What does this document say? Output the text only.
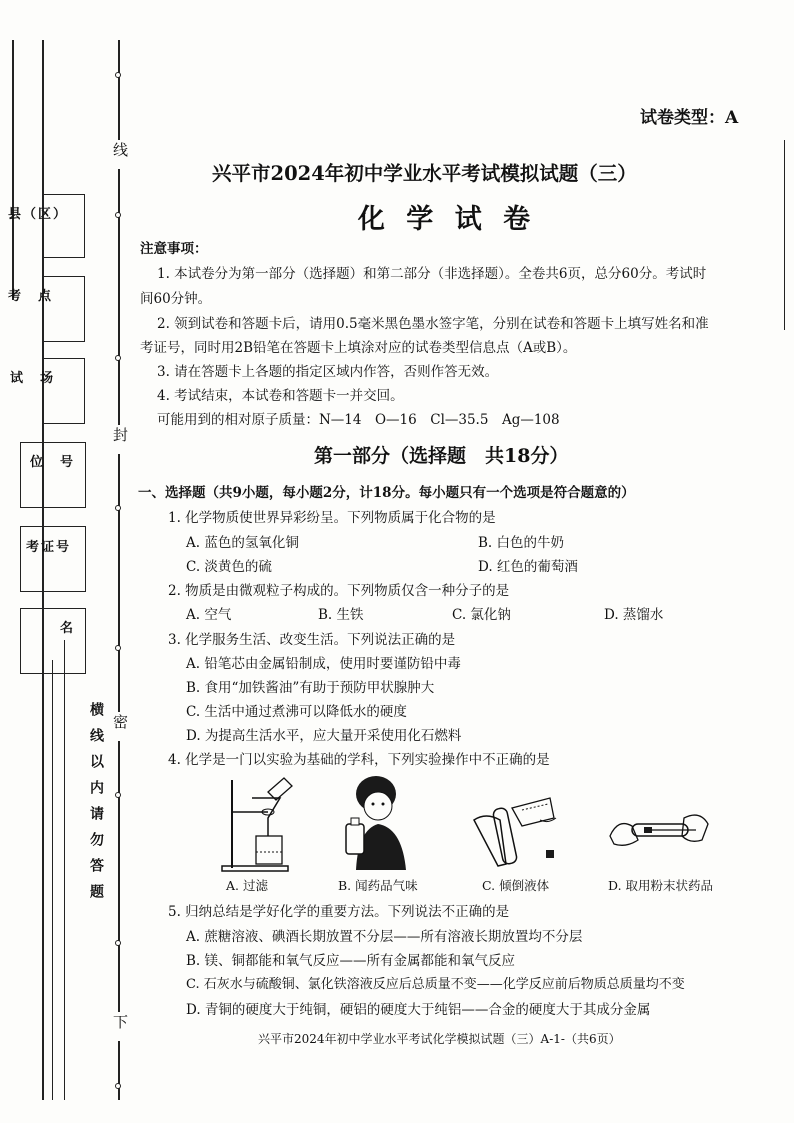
线
封
密
下
横线以内请勿答题
县（区）
考　点
试　场
位　号
考证号
名
试卷类型：A
兴平市2024年初中学业水平考试模拟试题（三）
化 学 试 卷
注意事项：
1. 本试卷分为第一部分（选择题）和第二部分（非选择题）。全卷共6页，总分60分。考试时
间60分钟。
2. 领到试卷和答题卡后，请用0.5毫米黑色墨水签字笔，分别在试卷和答题卡上填写姓名和准
考证号，同时用2B铅笔在答题卡上填涂对应的试卷类型信息点（A或B）。
3. 请在答题卡上各题的指定区域内作答，否则作答无效。
4. 考试结束，本试卷和答题卡一并交回。
可能用到的相对原子质量：N—14　O—16　Cl—35.5　Ag—108
第一部分（选择题　共18分）
一、选择题（共9小题，每小题2分，计18分。每小题只有一个选项是符合题意的）
1. 化学物质使世界异彩纷呈。下列物质属于化合物的是
A. 蓝色的氢氧化铜	B. 白色的牛奶
C. 淡黄色的硫	D. 红色的葡萄酒
2. 物质是由微观粒子构成的。下列物质仅含一种分子的是
A. 空气	B. 生铁	C. 氯化钠	D. 蒸馏水
3. 化学服务生活、改变生活。下列说法正确的是
A. 铅笔芯由金属铅制成，使用时要谨防铅中毒
B. 食用“加铁酱油”有助于预防甲状腺肿大
C. 生活中通过煮沸可以降低水的硬度
D. 为提高生活水平，应大量开采使用化石燃料
4. 化学是一门以实验为基础的学科，下列实验操作中不正确的是
A. 过滤	B. 闻药品气味	C. 倾倒液体	D. 取用粉末状药品
5. 归纳总结是学好化学的重要方法。下列说法不正确的是
A. 蔗糖溶液、碘酒长期放置不分层——所有溶液长期放置均不分层
B. 镁、铜都能和氧气反应——所有金属都能和氧气反应
C. 石灰水与硫酸铜、氯化铁溶液反应后总质量不变——化学反应前后物质总质量均不变
D. 青铜的硬度大于纯铜，硬铝的硬度大于纯铝——合金的硬度大于其成分金属
兴平市2024年初中学业水平考试化学模拟试题（三）A-1-（共6页）
